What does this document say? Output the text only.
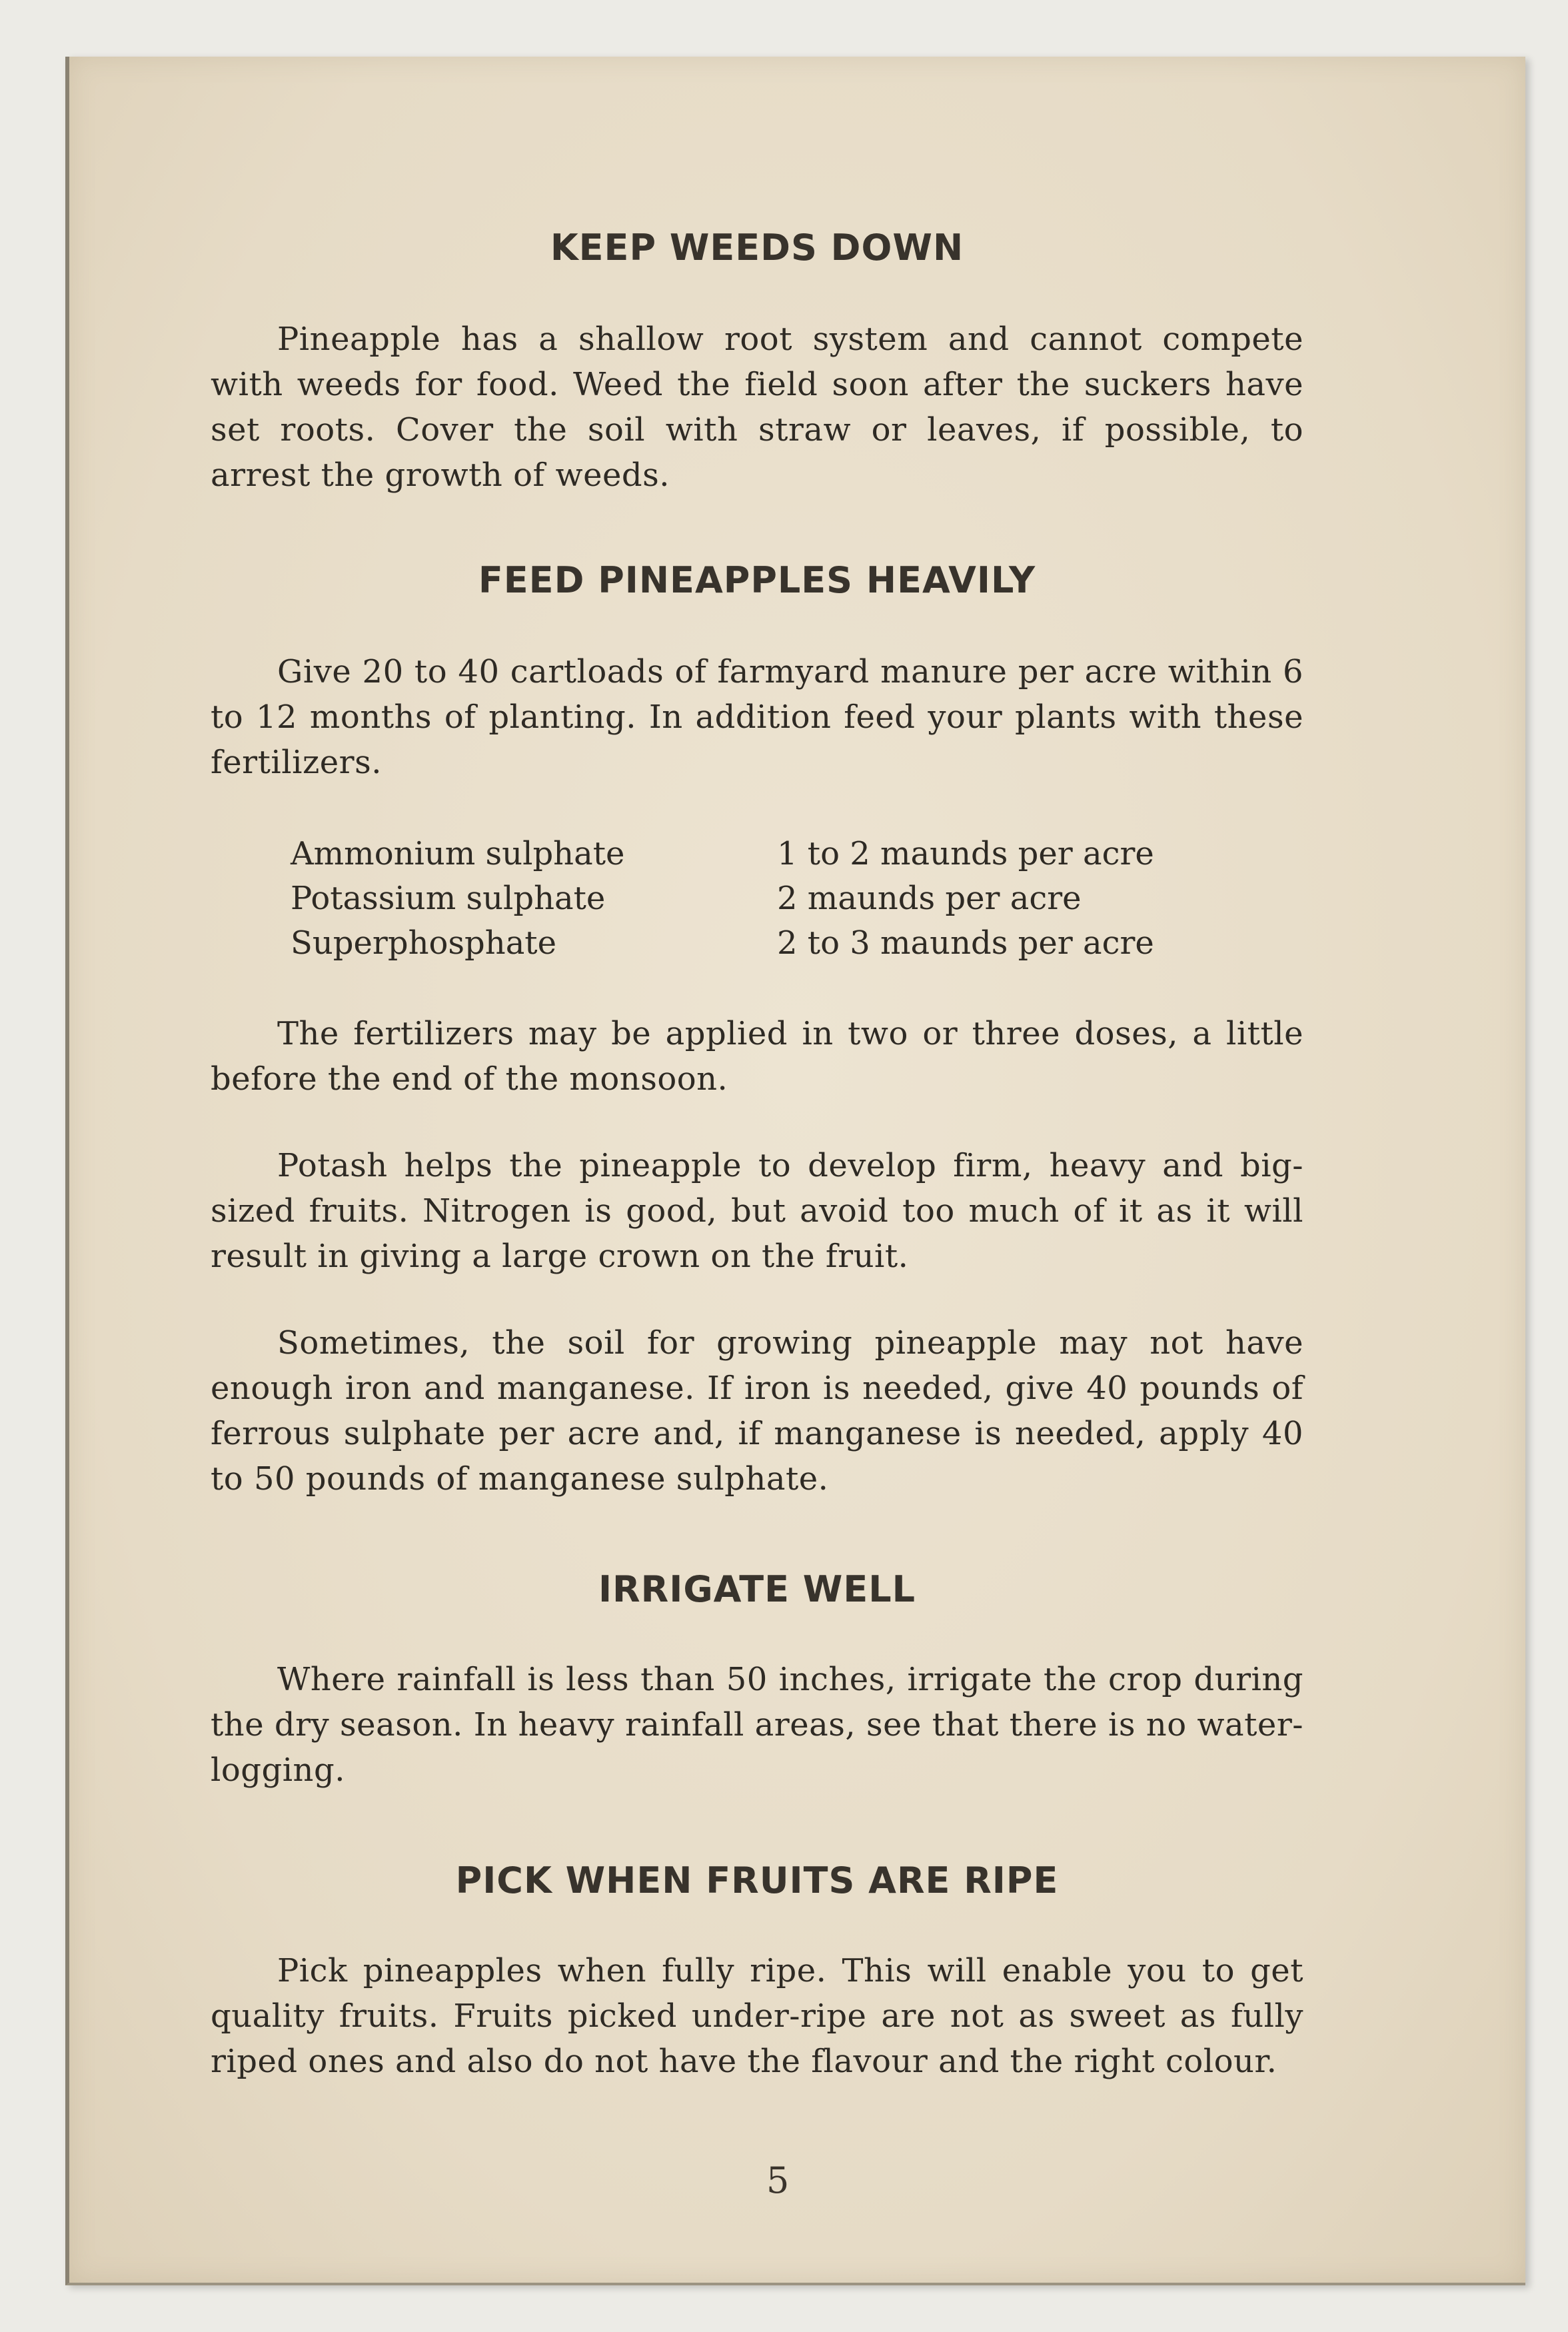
KEEP WEEDS DOWN

Pineapple has a shallow root system and cannot compete with weeds for food. Weed the field soon after the suckers have set roots. Cover the soil with straw or leaves, if possible, to arrest the growth of weeds.

FEED PINEAPPLES HEAVILY

Give 20 to 40 cartloads of farmyard manure per acre within 6 to 12 months of planting. In addition feed your plants with these fertilizers.

Ammonium sulphate	1 to 2 maunds per acre
Potassium sulphate	2 maunds per acre
Superphosphate	2 to 3 maunds per acre

The fertilizers may be applied in two or three doses, a little before the end of the monsoon.

Potash helps the pineapple to develop firm, heavy and big-sized fruits. Nitrogen is good, but avoid too much of it as it will result in giving a large crown on the fruit.

Sometimes, the soil for growing pineapple may not have enough iron and manganese. If iron is needed, give 40 pounds of ferrous sulphate per acre and, if manganese is needed, apply 40 to 50 pounds of manganese sulphate.

IRRIGATE WELL

Where rainfall is less than 50 inches, irrigate the crop during the dry season. In heavy rainfall areas, see that there is no water-logging.

PICK WHEN FRUITS ARE RIPE

Pick pineapples when fully ripe. This will enable you to get quality fruits. Fruits picked under-ripe are not as sweet as fully riped ones and also do not have the flavour and the right colour.

5
